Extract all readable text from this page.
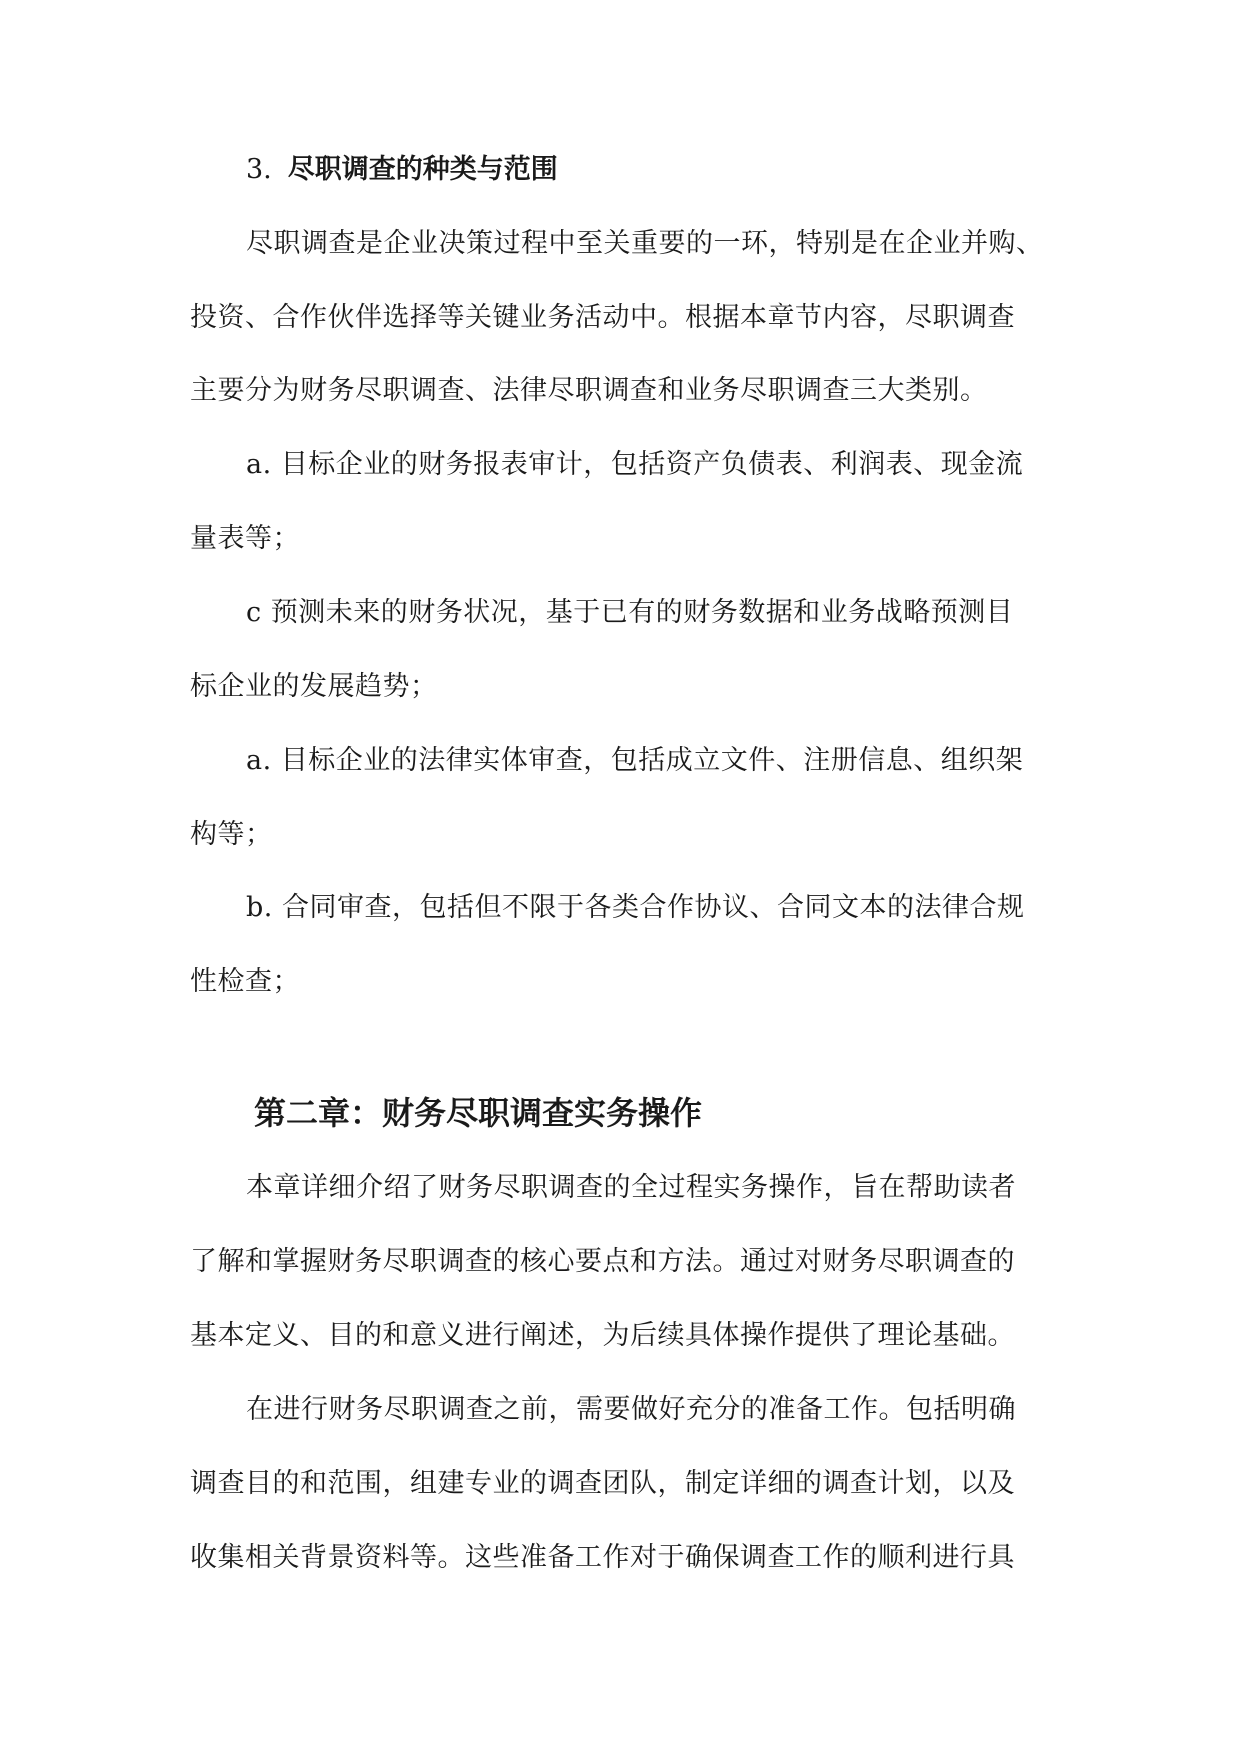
3. 尽职调查的种类与范围
尽职调查是企业决策过程中至关重要的一环，特别是在企业并购、
投资、合作伙伴选择等关键业务活动中。根据本章节内容，尽职调查
主要分为财务尽职调查、法律尽职调查和业务尽职调查三大类别。
a. 目标企业的财务报表审计，包括资产负债表、利润表、现金流
量表等；
c 预测未来的财务状况，基于已有的财务数据和业务战略预测目
标企业的发展趋势；
a. 目标企业的法律实体审查，包括成立文件、注册信息、组织架
构等；
b. 合同审查，包括但不限于各类合作协议、合同文本的法律合规
性检查；
第二章：财务尽职调查实务操作
本章详细介绍了财务尽职调查的全过程实务操作，旨在帮助读者
了解和掌握财务尽职调查的核心要点和方法。通过对财务尽职调查的
基本定义、目的和意义进行阐述，为后续具体操作提供了理论基础。
在进行财务尽职调查之前，需要做好充分的准备工作。包括明确
调查目的和范围，组建专业的调查团队，制定详细的调查计划，以及
收集相关背景资料等。这些准备工作对于确保调查工作的顺利进行具
